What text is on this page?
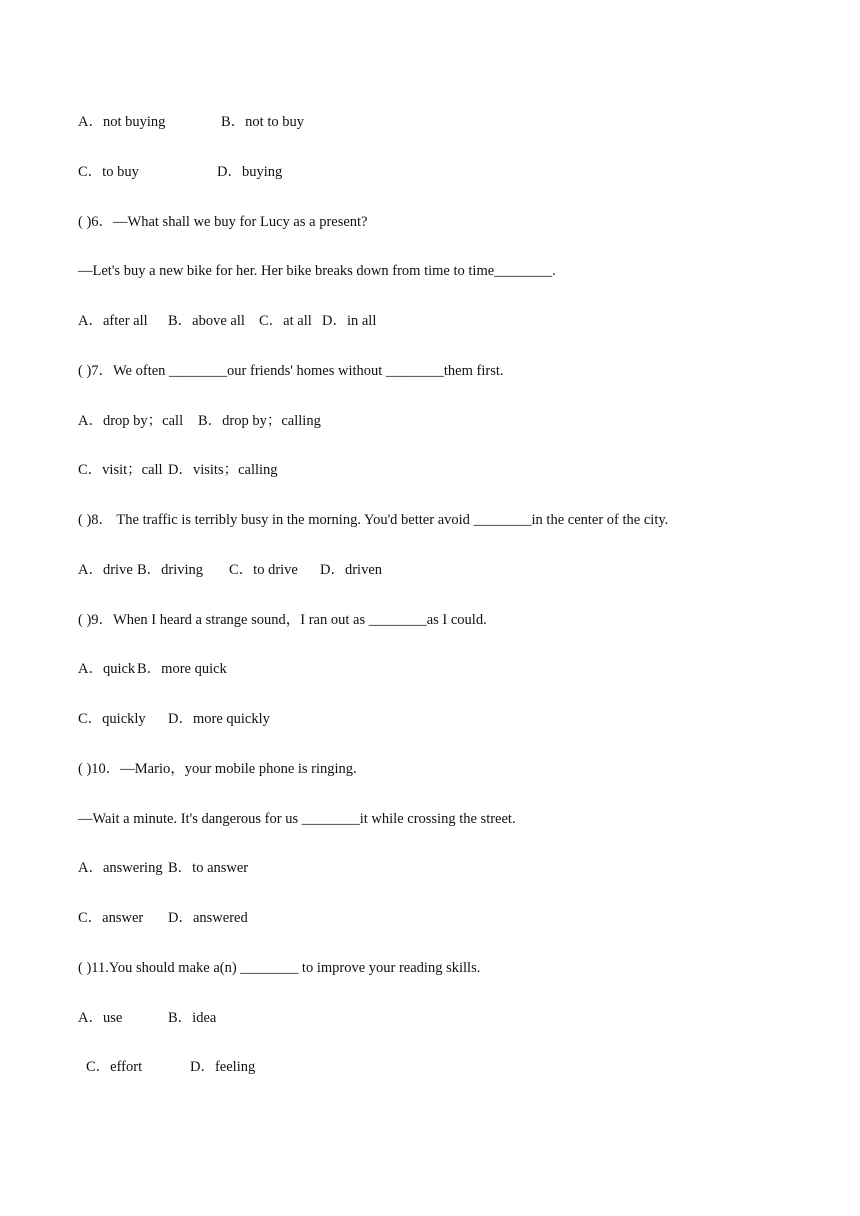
A．not buying	B．not to buy
C．to buy	D．buying
( )6．—What shall we buy for Lucy as a present?
—Let's buy a new bike for her. Her bike breaks down from time to time________.
A．after all B．above all C．at all D．in all
( )7．We often ________our friends' homes without ________them first.
A．drop by；call B．drop by；calling
C．visit；call D．visits；calling
( )8． The traffic is terribly busy in the morning. You'd better avoid ________in the center of the city.
A．drive B．driving C．to drive D．driven
( )9．When I heard a strange sound，I ran out as ________as I could.
A．quick B．more quick
C．quickly D．more quickly
( )10．—Mario，your mobile phone is ringing.
—Wait a minute. It's dangerous for us ________it while crossing the street.
A．answering B．to answer
C．answer D．answered
( )11.You should make a(n) ________ to improve your reading skills.
A．use	B．idea
C．effort	D．feeling
